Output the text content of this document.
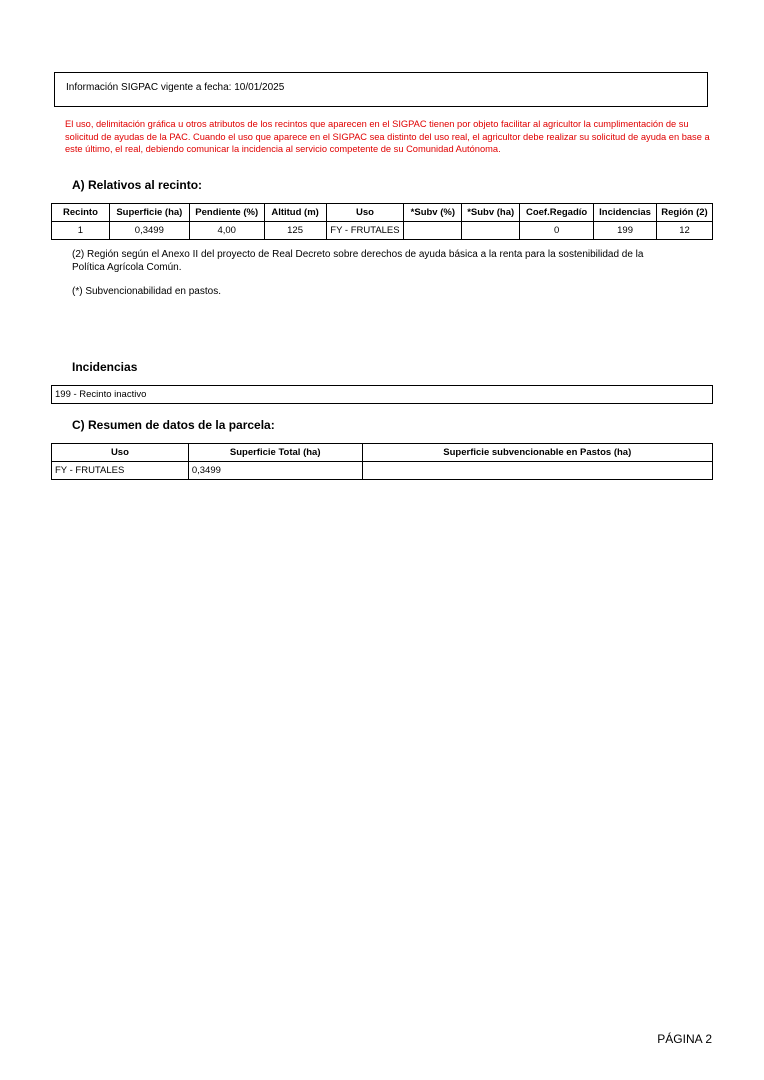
Información SIGPAC vigente a fecha: 10/01/2025
El uso, delimitación gráfica u otros atributos de los recintos que aparecen en el SIGPAC tienen por objeto facilitar al agricultor la cumplimentación de su solicitud de ayudas de la PAC. Cuando el uso que aparece en el SIGPAC sea distinto del uso real, el agricultor debe realizar su solicitud de ayuda en base a este último, el real, debiendo comunicar la incidencia al servicio competente de su Comunidad Autónoma.
A) Relativos al recinto:
Recinto	Superficie (ha)	Pendiente (%)	Altitud (m)	Uso	*Subv (%)	*Subv (ha)	Coef.Regadío	Incidencias	Región (2)
1	0,3499	4,00	125	FY - FRUTALES			0	199	12
(2) Región según el Anexo II del proyecto de Real Decreto sobre derechos de ayuda básica a la renta para la sostenibilidad de la Política Agrícola Común.
(*) Subvencionabilidad en pastos.
Incidencias
199 - Recinto inactivo
C) Resumen de datos de la parcela:
Uso	Superficie Total (ha)	Superficie subvencionable en Pastos (ha)
FY - FRUTALES	0,3499	
PÁGINA 2
